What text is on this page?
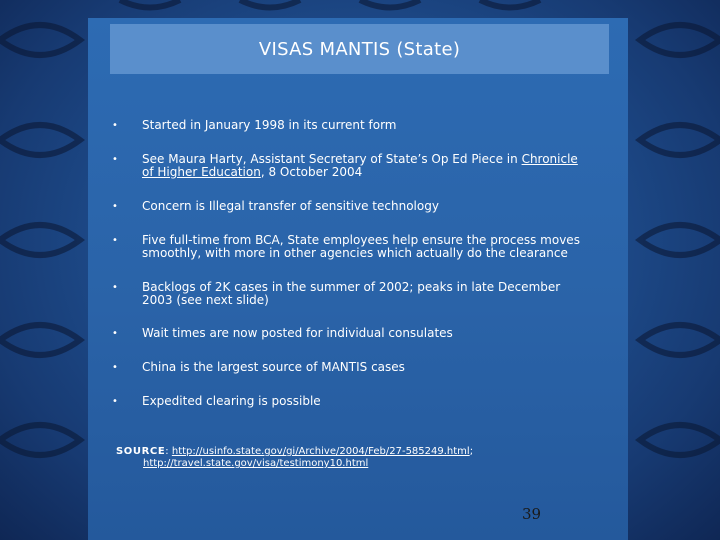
VISAS MANTIS (State)
• Started in January 1998 in its current form
• See Maura Harty, Assistant Secretary of State’s Op Ed Piece in Chronicle of Higher Education, 8 October 2004
• Concern is Illegal transfer of sensitive technology
• Five full-time from BCA, State employees help ensure the process moves smoothly, with more in other agencies which actually do the clearance
• Backlogs of 2K cases in the summer of 2002; peaks in late December 2003 (see next slide)
• Wait times are now posted for individual consulates
• China is the largest source of MANTIS cases
• Expedited clearing is possible
SOURCE: http://usinfo.state.gov/gi/Archive/2004/Feb/27-585249.html;
http://travel.state.gov/visa/testimony10.html
39
